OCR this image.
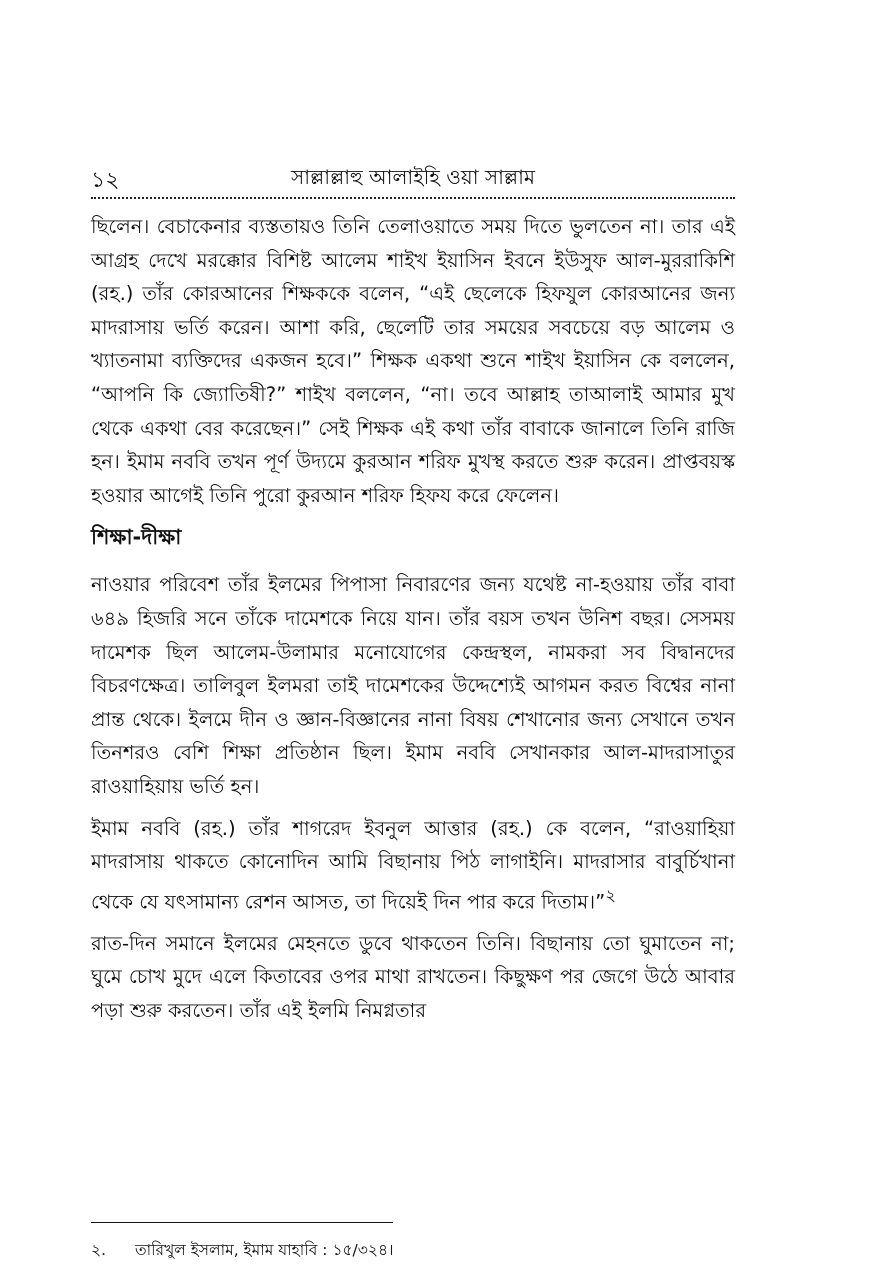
১২	সাল্লাল্লাহু আলাইহি ওয়া সাল্লাম

ছিলেন। বেচাকেনার ব্যস্ততায়ও তিনি তেলাওয়াতে সময় দিতে ভুলতেন না। তার এই আগ্রহ দেখে মরক্কোর বিশিষ্ট আলেম শাইখ ইয়াসিন ইবনে ইউসুফ আল-মুররাকিশি (রহ.) তাঁর কোরআনের শিক্ষককে বলেন, “এই ছেলেকে হিফযুল কোরআনের জন্য মাদরাসায় ভর্তি করেন। আশা করি, ছেলেটি তার সময়ের সবচেয়ে বড় আলেম ও খ্যাতনামা ব্যক্তিদের একজন হবে।” শিক্ষক একথা শুনে শাইখ ইয়াসিন কে বললেন, “আপনি কি জ্যোতিষী?” শাইখ বললেন, “না। তবে আল্লাহ তাআলাই আমার মুখ থেকে একথা বের করেছেন।” সেই শিক্ষক এই কথা তাঁর বাবাকে জানালে তিনি রাজি হন। ইমাম নববি তখন পূর্ণ উদ্যমে কুরআন শরিফ মুখস্থ করতে শুরু করেন। প্রাপ্তবয়স্ক হওয়ার আগেই তিনি পুরো কুরআন শরিফ হিফয করে ফেলেন।

শিক্ষা-দীক্ষা

নাওয়ার পরিবেশ তাঁর ইলমের পিপাসা নিবারণের জন্য যথেষ্ট না-হওয়ায় তাঁর বাবা ৬৪৯ হিজরি সনে তাঁকে দামেশকে নিয়ে যান। তাঁর বয়স তখন উনিশ বছর। সেসময় দামেশক ছিল আলেম-উলামার মনোযোগের কেন্দ্রস্থল, নামকরা সব বিদ্বানদের বিচরণক্ষেত্র। তালিবুল ইলমরা তাই দামেশকের উদ্দেশ্যেই আগমন করত বিশ্বের নানা প্রান্ত থেকে। ইলমে দীন ও জ্ঞান-বিজ্ঞানের নানা বিষয় শেখানোর জন্য সেখানে তখন তিনশরও বেশি শিক্ষা প্রতিষ্ঠান ছিল। ইমাম নববি সেখানকার আল-মাদরাসাতুর রাওয়াহিয়ায় ভর্তি হন।

ইমাম নববি (রহ.) তাঁর শাগরেদ ইবনুল আত্তার (রহ.) কে বলেন, “রাওয়াহিয়া মাদরাসায় থাকতে কোনোদিন আমি বিছানায় পিঠ লাগাইনি। মাদরাসার বাবুর্চিখানা থেকে যে যৎসামান্য রেশন আসত, তা দিয়েই দিন পার করে দিতাম।”$^২$

রাত-দিন সমানে ইলমের মেহনতে ডুবে থাকতেন তিনি। বিছানায় তো ঘুমাতেন না; ঘুমে চোখ মুদে এলে কিতাবের ওপর মাথা রাখতেন। কিছুক্ষণ পর জেগে উঠে আবার পড়া শুরু করতেন। তাঁর এই ইলমি নিমগ্নতার

২. তারিখুল ইসলাম, ইমাম যাহাবি : ১৫/৩২৪।
